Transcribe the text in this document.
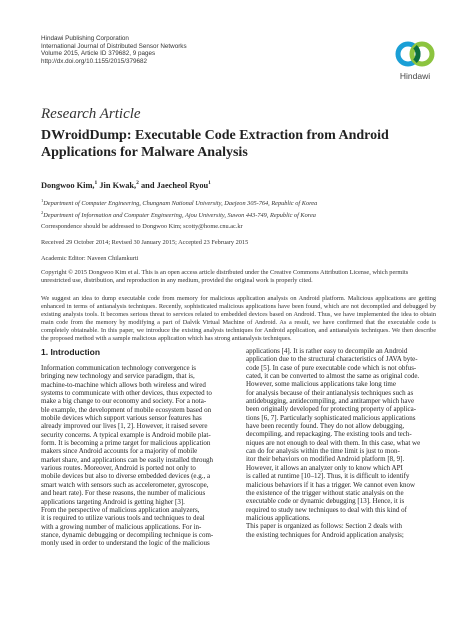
Hindawi Publishing Corporation
International Journal of Distributed Sensor Networks
Volume 2015, Article ID 379682, 9 pages
http://dx.doi.org/10.1155/2015/379682
Hindawi
Research Article
DWroidDump: Executable Code Extraction from Android
Applications for Malware Analysis
Dongwoo Kim,$^1$ Jin Kwak,$^2$ and Jaecheol Ryou$^1$
$^1$Department of Computer Engineering, Chungnam National University, Daejeon 305-764, Republic of Korea
$^2$Department of Information and Computer Engineering, Ajou University, Suwon 443-749, Republic of Korea
Correspondence should be addressed to Dongwoo Kim; scotty@home.cnu.ac.kr
Received 29 October 2014; Revised 30 January 2015; Accepted 23 February 2015
Academic Editor: Naveen Chilamkurti
Copyright © 2015 Dongwoo Kim et al. This is an open access article distributed under the Creative Commons Attribution License, which permits unrestricted use, distribution, and reproduction in any medium, provided the original work is properly cited.
We suggest an idea to dump executable code from memory for malicious application analysis on Android platform. Malicious applications are getting enhanced in terms of antianalysis techniques. Recently, sophisticated malicious applications have been found, which are not decompiled and debugged by existing analysis tools. It becomes serious threat to services related to embedded devices based on Android. Thus, we have implemented the idea to obtain main code from the memory by modifying a part of Dalvik Virtual Machine of Android. As a result, we have confirmed that the executable code is completely obtainable. In this paper, we introduce the existing analysis techniques for Android application, and antianalysis techniques. We then describe the proposed method with a sample malicious application which has strong antianalysis techniques.
1. Introduction
Information communication technology convergence is
bringing new technology and service paradigm, that is,
machine-to-machine which allows both wireless and wired
systems to communicate with other devices, thus expected to
make a big change to our economy and society. For a nota-
ble example, the development of mobile ecosystem based on
mobile devices which support various sensor features has
already improved our lives [1, 2]. However, it raised severe
security concerns. A typical example is Android mobile plat-
form. It is becoming a prime target for malicious application
makers since Android accounts for a majority of mobile
market share, and applications can be easily installed through
various routes. Moreover, Android is ported not only to
mobile devices but also to diverse embedded devices (e.g., a
smart watch with sensors such as accelerometer, gyroscope,
and heart rate). For these reasons, the number of malicious
applications targeting Android is getting higher [3].
From the perspective of malicious application analyzers,
it is required to utilize various tools and techniques to deal
with a growing number of malicious applications. For in-
stance, dynamic debugging or decompiling technique is com-
monly used in order to understand the logic of the malicious
applications [4]. It is rather easy to decompile an Android
application due to the structural characteristics of JAVA byte-
code [5]. In case of pure executable code which is not obfus-
cated, it can be converted to almost the same as original code.
However, some malicious applications take long time
for analysis because of their antianalysis techniques such as
antidebugging, antidecompiling, and antitamper which have
been originally developed for protecting property of applica-
tions [6, 7]. Particularly sophisticated malicious applications
have been recently found. They do not allow debugging,
decompiling, and repackaging. The existing tools and tech-
niques are not enough to deal with them. In this case, what we
can do for analysis within the time limit is just to mon-
itor their behaviors on modified Android platform [8, 9].
However, it allows an analyzer only to know which API
is called at runtime [10–12]. Thus, it is difficult to identify
malicious behaviors if it has a trigger. We cannot even know
the existence of the trigger without static analysis on the
executable code or dynamic debugging [13]. Hence, it is
required to study new techniques to deal with this kind of
malicious applications.
This paper is organized as follows: Section 2 deals with
the existing techniques for Android application analysis;
